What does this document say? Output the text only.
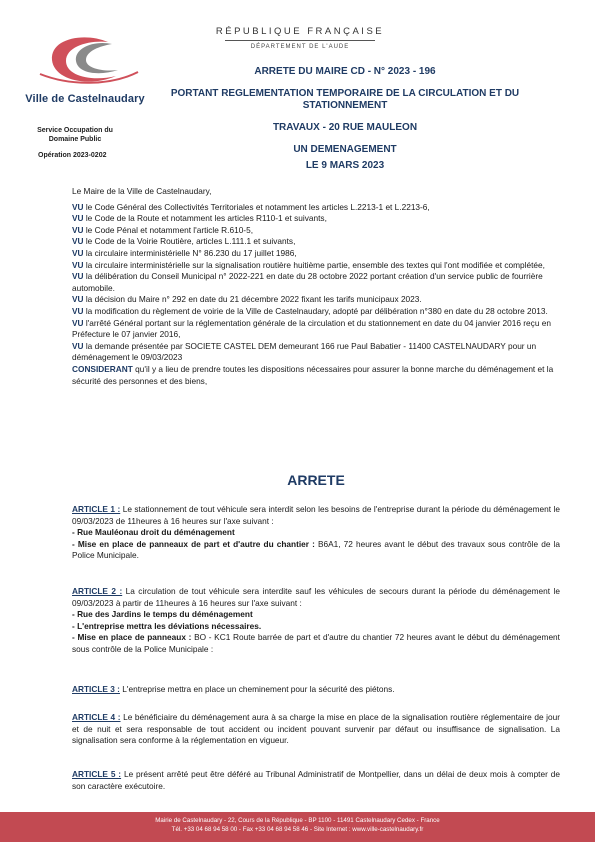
Ville de Castelnaudary
Service Occupation du Domaine Public
Opération 2023-0202
RÉPUBLIQUE FRANÇAISE
DÉPARTEMENT DE L'AUDE
ARRETE DU MAIRE CD - N° 2023 - 196
PORTANT REGLEMENTATION TEMPORAIRE DE LA CIRCULATION ET DU STATIONNEMENT
TRAVAUX - 20 RUE MAULEON
UN DEMENAGEMENT
LE 9 MARS 2023

Le Maire de la Ville de Castelnaudary,

VU le Code Général des Collectivités Territoriales et notamment les articles L.2213-1 et L.2213-6,

VU le Code de la Route et notamment les articles R110-1 et suivants,

VU le Code Pénal et notamment l'article R.610-5,

VU le Code de la Voirie Routière, articles L.111.1 et suivants,

VU la circulaire interministérielle N° 86.230 du 17 juillet 1986,

VU la circulaire interministérielle sur la signalisation routière huitième partie, ensemble des textes qui l'ont modifiée et complétée,

VU la délibération du Conseil Municipal n° 2022-221 en date du 28 octobre 2022 portant création d'un service public de fourrière automobile.

VU la décision du Maire n° 292 en date du 21 décembre 2022 fixant les tarifs municipaux 2023.

VU la modification du règlement de voirie de la Ville de Castelnaudary, adopté par délibération n°380 en date du 28 octobre 2013.

VU l'arrêté Général portant sur la réglementation générale de la circulation et du stationnement en date du 04 janvier 2016 reçu en Préfecture le 07 janvier 2016,

VU la demande présentée par SOCIETE CASTEL DEM demeurant 166 rue Paul Babatier - 11400 CASTELNAUDARY pour un déménagement le 09/03/2023

CONSIDERANT qu'il y a lieu de prendre toutes les dispositions nécessaires pour assurer la bonne marche du déménagement et la sécurité des personnes et des biens,

ARRETE

ARTICLE 1 : Le stationnement de tout véhicule sera interdit selon les besoins de l'entreprise durant la période du déménagement le 09/03/2023 de 11heures à 16 heures sur l'axe suivant :

- Rue Mauléonau droit du déménagement

- Mise en place de panneaux de part et d'autre du chantier : B6A1, 72 heures avant le début des travaux sous contrôle de la Police Municipale.

ARTICLE 2 : La circulation de tout véhicule sera interdite sauf les véhicules de secours durant la période du déménagement le 09/03/2023 à partir de 11heures à 16 heures sur l'axe suivant :

- Rue des Jardins le temps du déménagement

- L'entreprise mettra les déviations nécessaires.

- Mise en place de panneaux : BO - KC1 Route barrée de part et d'autre du chantier 72 heures avant le début du déménagement sous contrôle de la Police Municipale :

ARTICLE 3 : L'entreprise mettra en place un cheminement pour la sécurité des piétons.

ARTICLE 4 : Le bénéficiaire du déménagement aura à sa charge la mise en place de la signalisation routière réglementaire de jour et de nuit et sera responsable de tout accident ou incident pouvant survenir par défaut ou insuffisance de signalisation. La signalisation sera conforme à la réglementation en vigueur.

ARTICLE 5 : Le présent arrêté peut être déféré au Tribunal Administratif de Montpellier, dans un délai de deux mois à compter de son caractère exécutoire.

Mairie de Castelnaudary - 22, Cours de la République - BP 1100 - 11491 Castelnaudary Cedex - France
Tél. +33 04 68 94 58 00 - Fax +33 04 68 94 58 46 - Site Internet : www.ville-castelnaudary.fr
